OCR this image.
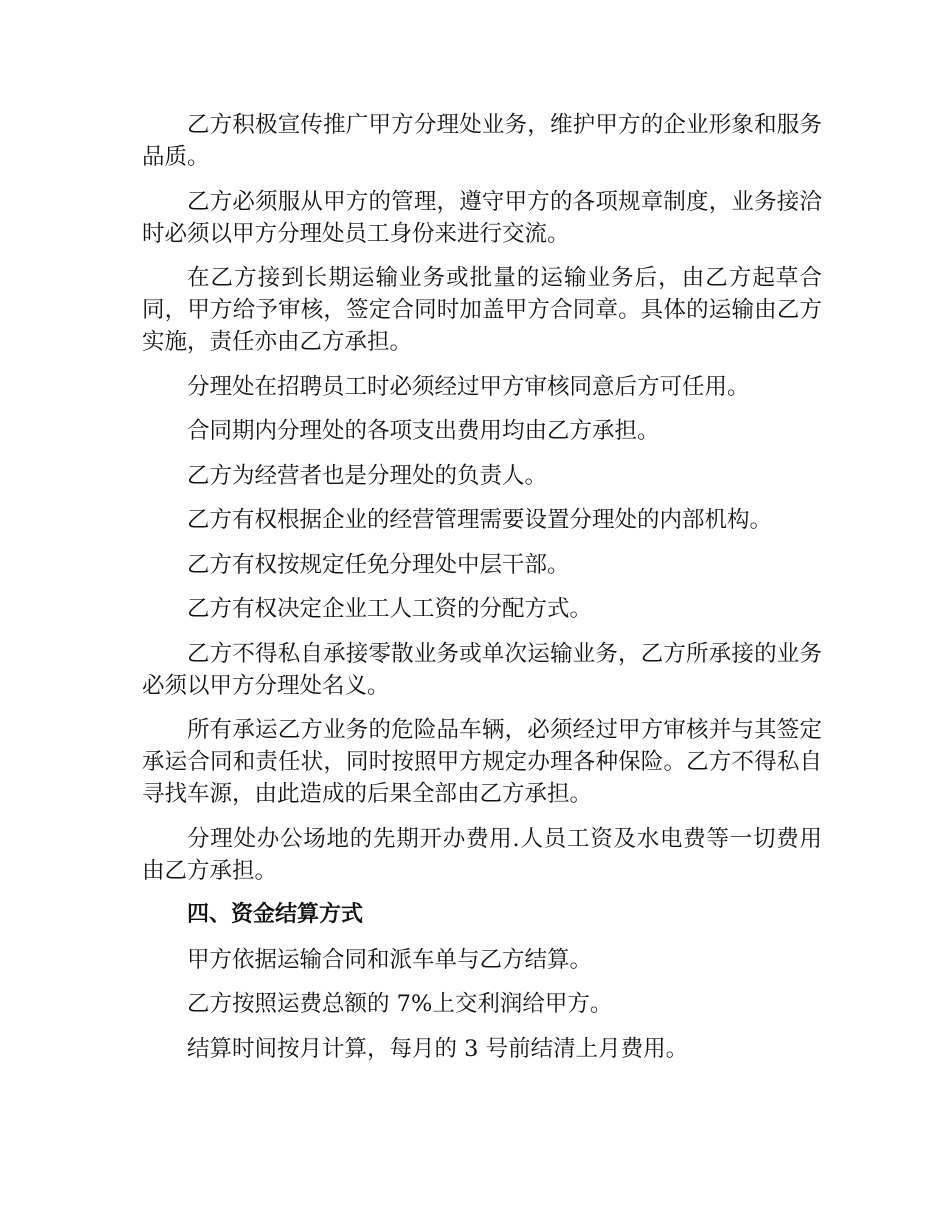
乙方积极宣传推广甲方分理处业务，维护甲方的企业形象和服务品质。

乙方必须服从甲方的管理，遵守甲方的各项规章制度，业务接洽时必须以甲方分理处员工身份来进行交流。

在乙方接到长期运输业务或批量的运输业务后，由乙方起草合同，甲方给予审核，签定合同时加盖甲方合同章。具体的运输由乙方实施，责任亦由乙方承担。

分理处在招聘员工时必须经过甲方审核同意后方可任用。

合同期内分理处的各项支出费用均由乙方承担。

乙方为经营者也是分理处的负责人。

乙方有权根据企业的经营管理需要设置分理处的内部机构。

乙方有权按规定任免分理处中层干部。

乙方有权决定企业工人工资的分配方式。

乙方不得私自承接零散业务或单次运输业务，乙方所承接的业务必须以甲方分理处名义。

所有承运乙方业务的危险品车辆，必须经过甲方审核并与其签定承运合同和责任状，同时按照甲方规定办理各种保险。乙方不得私自寻找车源，由此造成的后果全部由乙方承担。

分理处办公场地的先期开办费用.人员工资及水电费等一切费用由乙方承担。

四、资金结算方式

甲方依据运输合同和派车单与乙方结算。

乙方按照运费总额的 7%上交利润给甲方。

结算时间按月计算，每月的 3 号前结清上月费用。
